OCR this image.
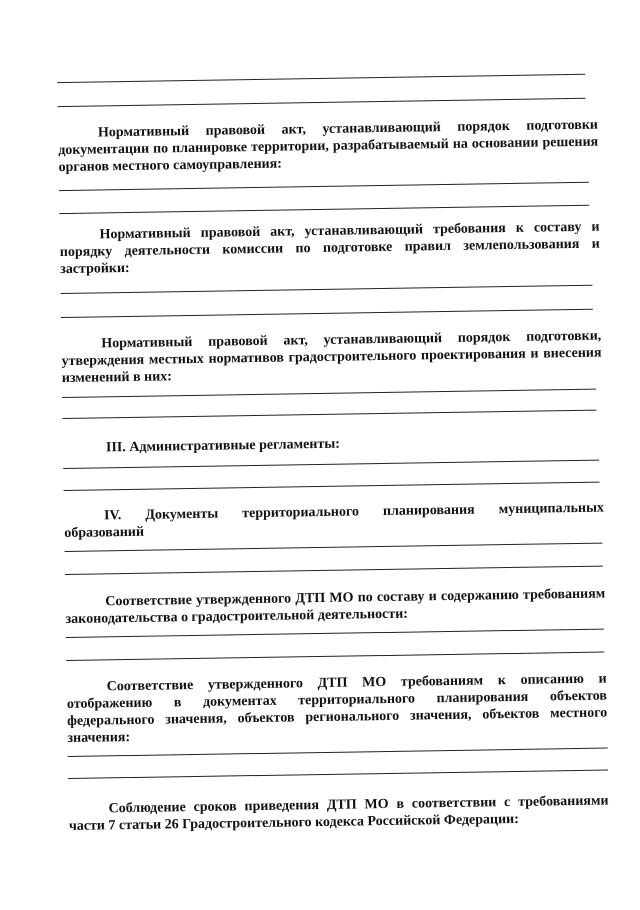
Нормативный правовой акт, устанавливающий порядок подготовки документации по планировке территории, разрабатываемый на основании решения органов местного самоуправления:
Нормативный правовой акт, устанавливающий требования к составу и порядку деятельности комиссии по подготовке правил землепользования и застройки:
Нормативный правовой акт, устанавливающий порядок подготовки, утверждения местных нормативов градостроительного проектирования и внесения изменений в них:
III. Административные регламенты:
IV. Документы территориального планирования муниципальных образований
Соответствие утвержденного ДТП МО по составу и содержанию требованиям законодательства о градостроительной деятельности:
Соответствие утвержденного ДТП МО требованиям к описанию и отображению в документах территориального планирования объектов федерального значения, объектов регионального значения, объектов местного значения:
Соблюдение сроков приведения ДТП МО в соответствии с требованиями части 7 статьи 26 Градостроительного кодекса Российской Федерации:
